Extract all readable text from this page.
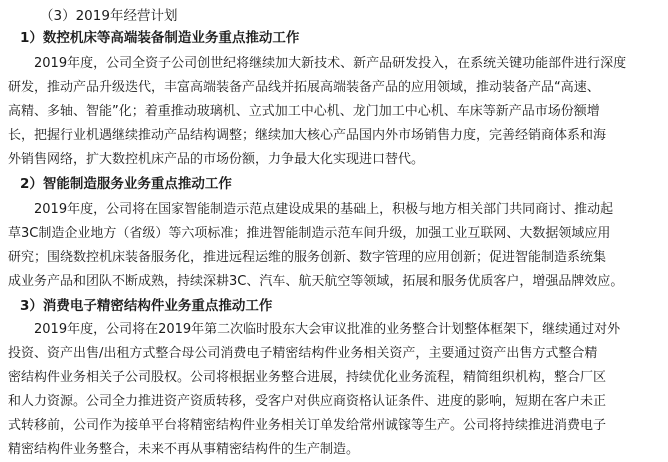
（3）2019年经营计划
1）数控机床等高端装备制造业务重点推动工作
2019年度，公司全资子公司创世纪将继续加大新技术、新产品研发投入，在系统关键功能部件进行深度
研发，推动产品升级迭代，丰富高端装备产品线并拓展高端装备产品的应用领域，推动装备产品“高速、
高精、多轴、智能”化；着重推动玻璃机、立式加工中心机、龙门加工中心机、车床等新产品市场份额增
长，把握行业机遇继续推动产品结构调整；继续加大核心产品国内外市场销售力度，完善经销商体系和海
外销售网络，扩大数控机床产品的市场份额，力争最大化实现进口替代。
2）智能制造服务业务重点推动工作
2019年度，公司将在国家智能制造示范点建设成果的基础上，积极与地方相关部门共同商讨、推动起
草3C制造企业地方（省级）等六项标准；推进智能制造示范车间升级，加强工业互联网、大数据领域应用
研究；围绕数控机床装备服务化，推进远程运维的服务创新、数字管理的应用创新；促进智能制造系统集
成业务产品和团队不断成熟，持续深耕3C、汽车、航天航空等领域，拓展和服务优质客户，增强品牌效应。
3）消费电子精密结构件业务重点推动工作
2019年度，公司将在2019年第二次临时股东大会审议批准的业务整合计划整体框架下，继续通过对外
投资、资产出售/出租方式整合母公司消费电子精密结构件业务相关资产，主要通过资产出售方式整合精
密结构件业务相关子公司股权。公司将根据业务整合进展，持续优化业务流程，精简组织机构，整合厂区
和人力资源。公司全力推进资产资质转移，受客户对供应商资格认证条件、进度的影响，短期在客户未正
式转移前，公司作为接单平台将精密结构件业务相关订单发给常州诚镓等生产。公司将持续推进消费电子
精密结构件业务整合，未来不再从事精密结构件的生产制造。
